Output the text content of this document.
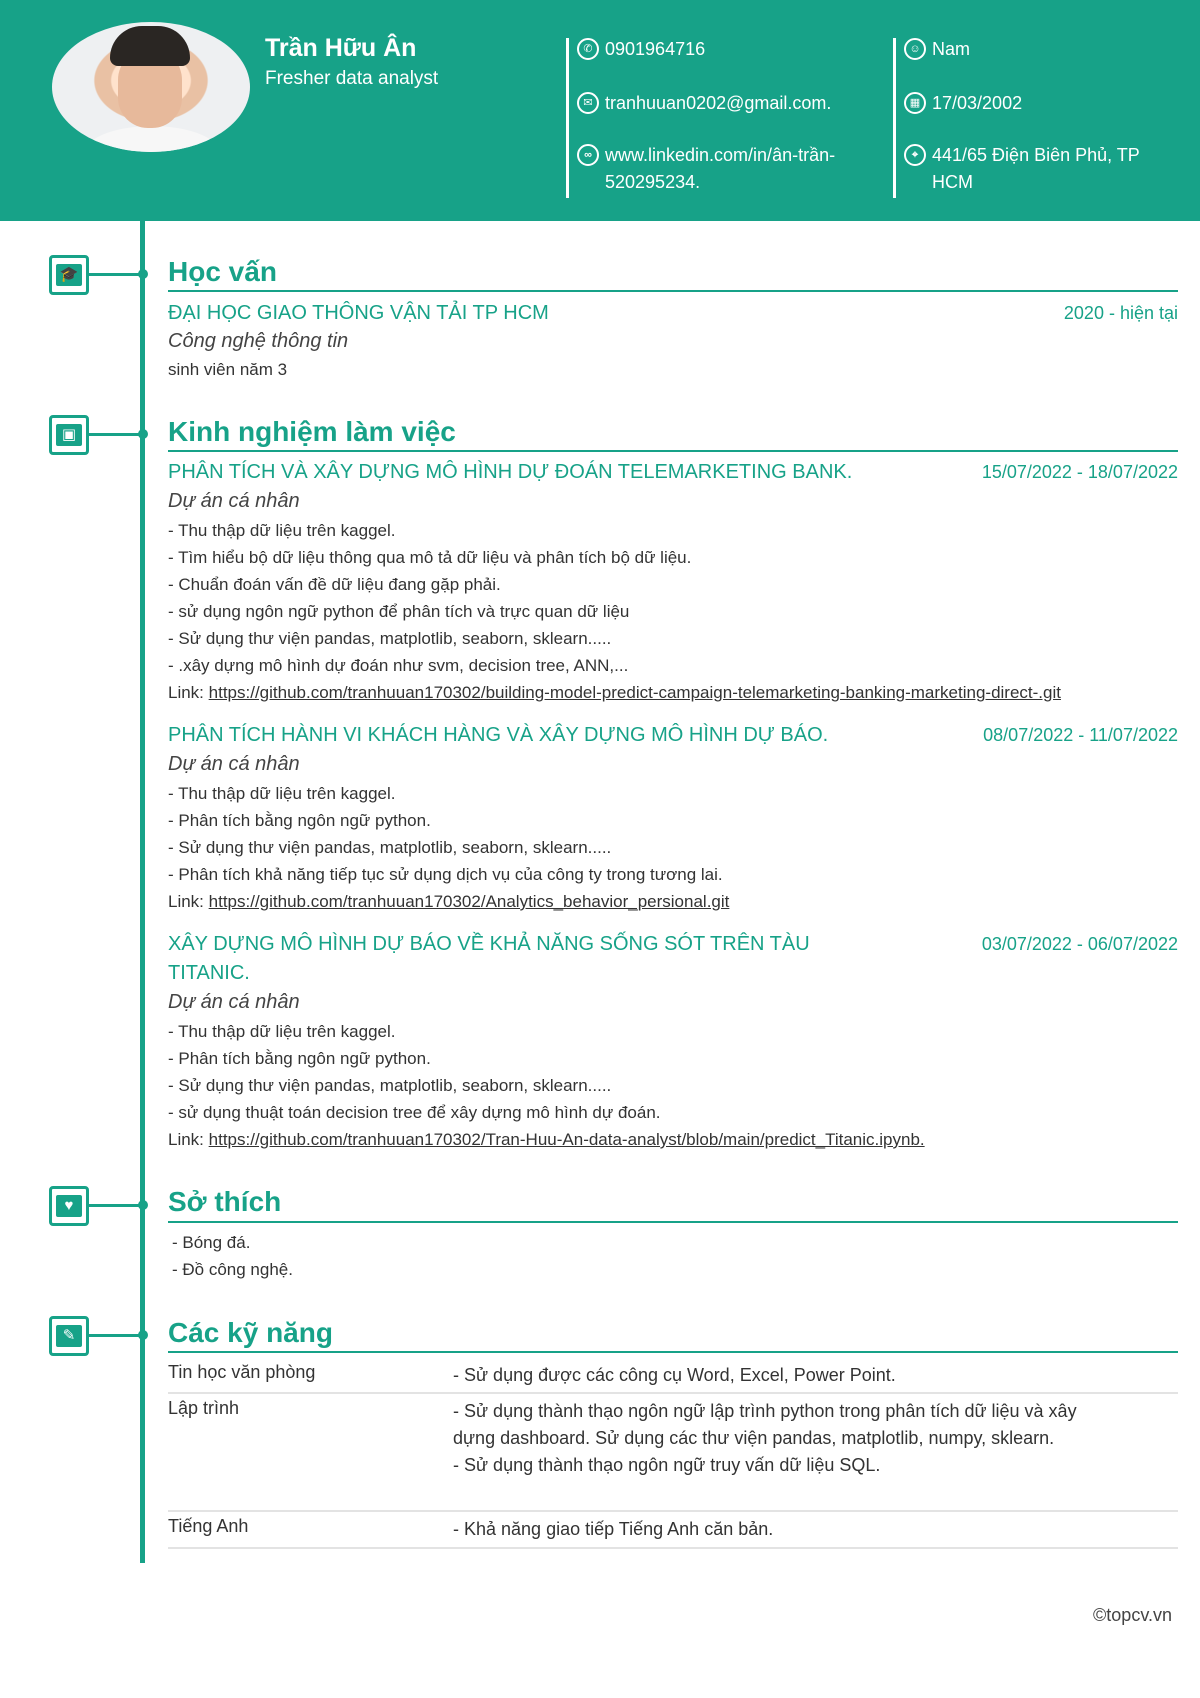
Trần Hữu Ân
Fresher data analyst
✆ 0901964716
✉ tranhuuan0202@gmail.com.
∞ www.linkedin.com/in/ân-trần-520295234.
☺ Nam
▦ 17/03/2002
⌖ 441/65 Điện Biên Phủ, TP HCM
🎓	Học vấn
ĐẠI HỌC GIAO THÔNG VẬN TẢI TP HCM	2020 - hiện tại
Công nghệ thông tin
sinh viên năm 3
▣	Kinh nghiệm làm việc
PHÂN TÍCH VÀ XÂY DỰNG MÔ HÌNH DỰ ĐOÁN TELEMARKETING BANK.	15/07/2022 - 18/07/2022
Dự án cá nhân
- Thu thập dữ liệu trên kaggel.
- Tìm hiểu bộ dữ liệu thông qua mô tả dữ liệu và phân tích bộ dữ liệu.
- Chuẩn đoán vấn đề dữ liệu đang gặp phải.
- sử dụng ngôn ngữ python để phân tích và trực quan dữ liệu
- Sử dụng thư viện pandas, matplotlib, seaborn, sklearn.....
- .xây dựng mô hình dự đoán như svm, decision tree, ANN,...
Link: https://github.com/tranhuuan170302/building-model-predict-campaign-telemarketing-banking-marketing-direct-.git
PHÂN TÍCH HÀNH VI KHÁCH HÀNG VÀ XÂY DỰNG MÔ HÌNH DỰ BÁO.	08/07/2022 - 11/07/2022
Dự án cá nhân
- Thu thập dữ liệu trên kaggel.
- Phân tích bằng ngôn ngữ python.
- Sử dụng thư viện pandas, matplotlib, seaborn, sklearn.....
- Phân tích khả năng tiếp tục sử dụng dịch vụ của công ty trong tương lai.
Link: https://github.com/tranhuuan170302/Analytics_behavior_persional.git
XÂY DỰNG MÔ HÌNH DỰ BÁO VỀ KHẢ NĂNG SỐNG SÓT TRÊN TÀU TITANIC.
03/07/2022 - 06/07/2022
Dự án cá nhân
- Thu thập dữ liệu trên kaggel.
- Phân tích bằng ngôn ngữ python.
- Sử dụng thư viện pandas, matplotlib, seaborn, sklearn.....
- sử dụng thuật toán decision tree để xây dựng mô hình dự đoán.
Link: https://github.com/tranhuuan170302/Tran-Huu-An-data-analyst/blob/main/predict_Titanic.ipynb.
♥	Sở thích
- Bóng đá.
- Đồ công nghệ.
✎	Các kỹ năng
Tin học văn phòng	- Sử dụng được các công cụ Word, Excel, Power Point.
Lập trình	- Sử dụng thành thạo ngôn ngữ lập trình python trong phân tích dữ liệu và xây dựng dashboard. Sử dụng các thư viện pandas, matplotlib, numpy, sklearn.
- Sử dụng thành thạo ngôn ngữ truy vấn dữ liệu SQL.
Tiếng Anh	- Khả năng giao tiếp Tiếng Anh căn bản.
©topcv.vn
